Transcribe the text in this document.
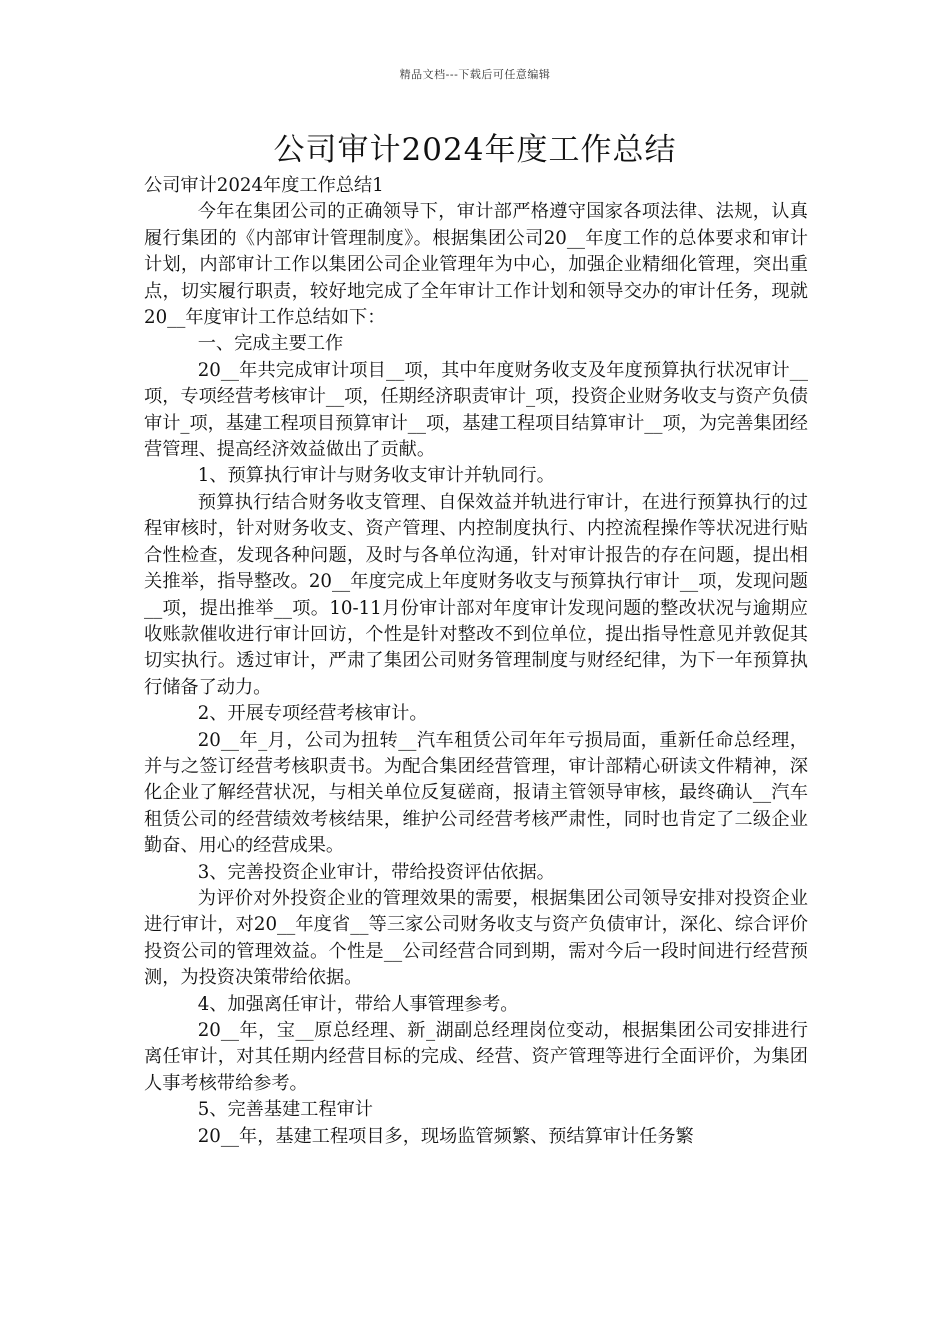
精品文档---下载后可任意编辑
公司审计2024年度工作总结

公司审计2024年度工作总结1

今年在集团公司的正确领导下，审计部严格遵守国家各项法律、法规，认真履行集团的《内部审计管理制度》。根据集团公司20__年度工作的总体要求和审计计划，内部审计工作以集团公司企业管理年为中心，加强企业精细化管理，突出重点，切实履行职责，较好地完成了全年审计工作计划和领导交办的审计任务，现就20__年度审计工作总结如下：

一、完成主要工作

20__年共完成审计项目__项，其中年度财务收支及年度预算执行状况审计__项，专项经营考核审计__项，任期经济职责审计_项，投资企业财务收支与资产负债审计_项，基建工程项目预算审计__项，基建工程项目结算审计__项，为完善集团经营管理、提高经济效益做出了贡献。

1、预算执行审计与财务收支审计并轨同行。

预算执行结合财务收支管理、自保效益并轨进行审计，在进行预算执行的过程审核时，针对财务收支、资产管理、内控制度执行、内控流程操作等状况进行贴合性检查，发现各种问题，及时与各单位沟通，针对审计报告的存在问题，提出相关推举，指导整改。20__年度完成上年度财务收支与预算执行审计__项，发现问题__项，提出推举__项。10-11月份审计部对年度审计发现问题的整改状况与逾期应收账款催收进行审计回访，个性是针对整改不到位单位，提出指导性意见并敦促其切实执行。透过审计，严肃了集团公司财务管理制度与财经纪律，为下一年预算执行储备了动力。

2、开展专项经营考核审计。

20__年_月，公司为扭转__汽车租赁公司年年亏损局面，重新任命总经理，并与之签订经营考核职责书。为配合集团经营管理，审计部精心研读文件精神，深化企业了解经营状况，与相关单位反复磋商，报请主管领导审核，最终确认__汽车租赁公司的经营绩效考核结果，维护公司经营考核严肃性，同时也肯定了二级企业勤奋、用心的经营成果。

3、完善投资企业审计，带给投资评估依据。

为评价对外投资企业的管理效果的需要，根据集团公司领导安排对投资企业进行审计，对20__年度省__等三家公司财务收支与资产负债审计，深化、综合评价投资公司的管理效益。个性是__公司经营合同到期，需对今后一段时间进行经营预测，为投资决策带给依据。

4、加强离任审计，带给人事管理参考。

20__年，宝__原总经理、新_湖副总经理岗位变动，根据集团公司安排进行离任审计，对其任期内经营目标的完成、经营、资产管理等进行全面评价，为集团人事考核带给参考。

5、完善基建工程审计

20__年，基建工程项目多，现场监管频繁、预结算审计任务繁
